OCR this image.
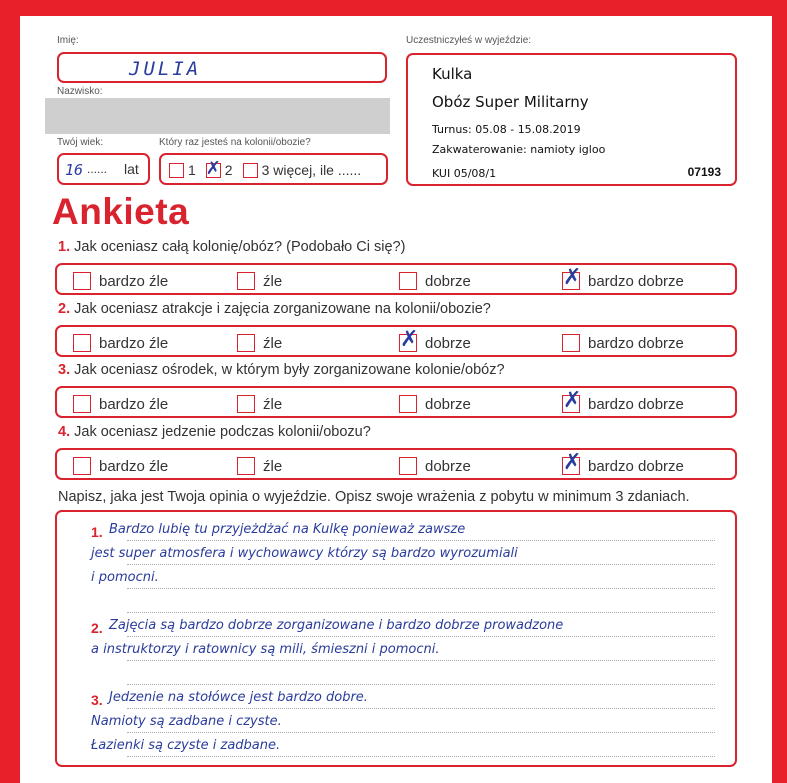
Imię:
JULIA
Nazwisko:
Twój wiek:
16 ...... lat
Który raz jesteś na kolonii/obozie?
1 ✗ 2 3 więcej, ile ......
Uczestniczyłeś w wyjeździe:
Kulka
Obóz Super Militarny
Turnus: 05.08 - 15.08.2019
Zakwaterowanie: namioty igloo
KUI 05/08/1	07193
Ankieta
1. Jak oceniasz całą kolonię/obóz? (Podobało Ci się?)
bardzo źle	źle	dobrze	✗ bardzo dobrze
2. Jak oceniasz atrakcje i zajęcia zorganizowane na kolonii/obozie?
bardzo źle	źle	✗ dobrze	bardzo dobrze
3. Jak oceniasz ośrodek, w którym były zorganizowane kolonie/obóz?
bardzo źle	źle	dobrze	✗ bardzo dobrze
4. Jak oceniasz jedzenie podczas kolonii/obozu?
bardzo źle	źle	dobrze	✗ bardzo dobrze
Napisz, jaka jest Twoja opinia o wyjeździe. Opisz swoje wrażenia z pobytu w minimum 3 zdaniach.
1. Bardzo lubię tu przyjeżdżać na Kulkę ponieważ zawsze
jest super atmosfera i wychowawcy którzy są bardzo wyrozumiali
i pomocni.
2. Zajęcia są bardzo dobrze zorganizowane i bardzo dobrze prowadzone
a instruktorzy i ratownicy są mili, śmieszni i pomocni.
3. Jedzenie na stołówce jest bardzo dobre.
Namioty są zadbane i czyste.
Łazienki są czyste i zadbane.
